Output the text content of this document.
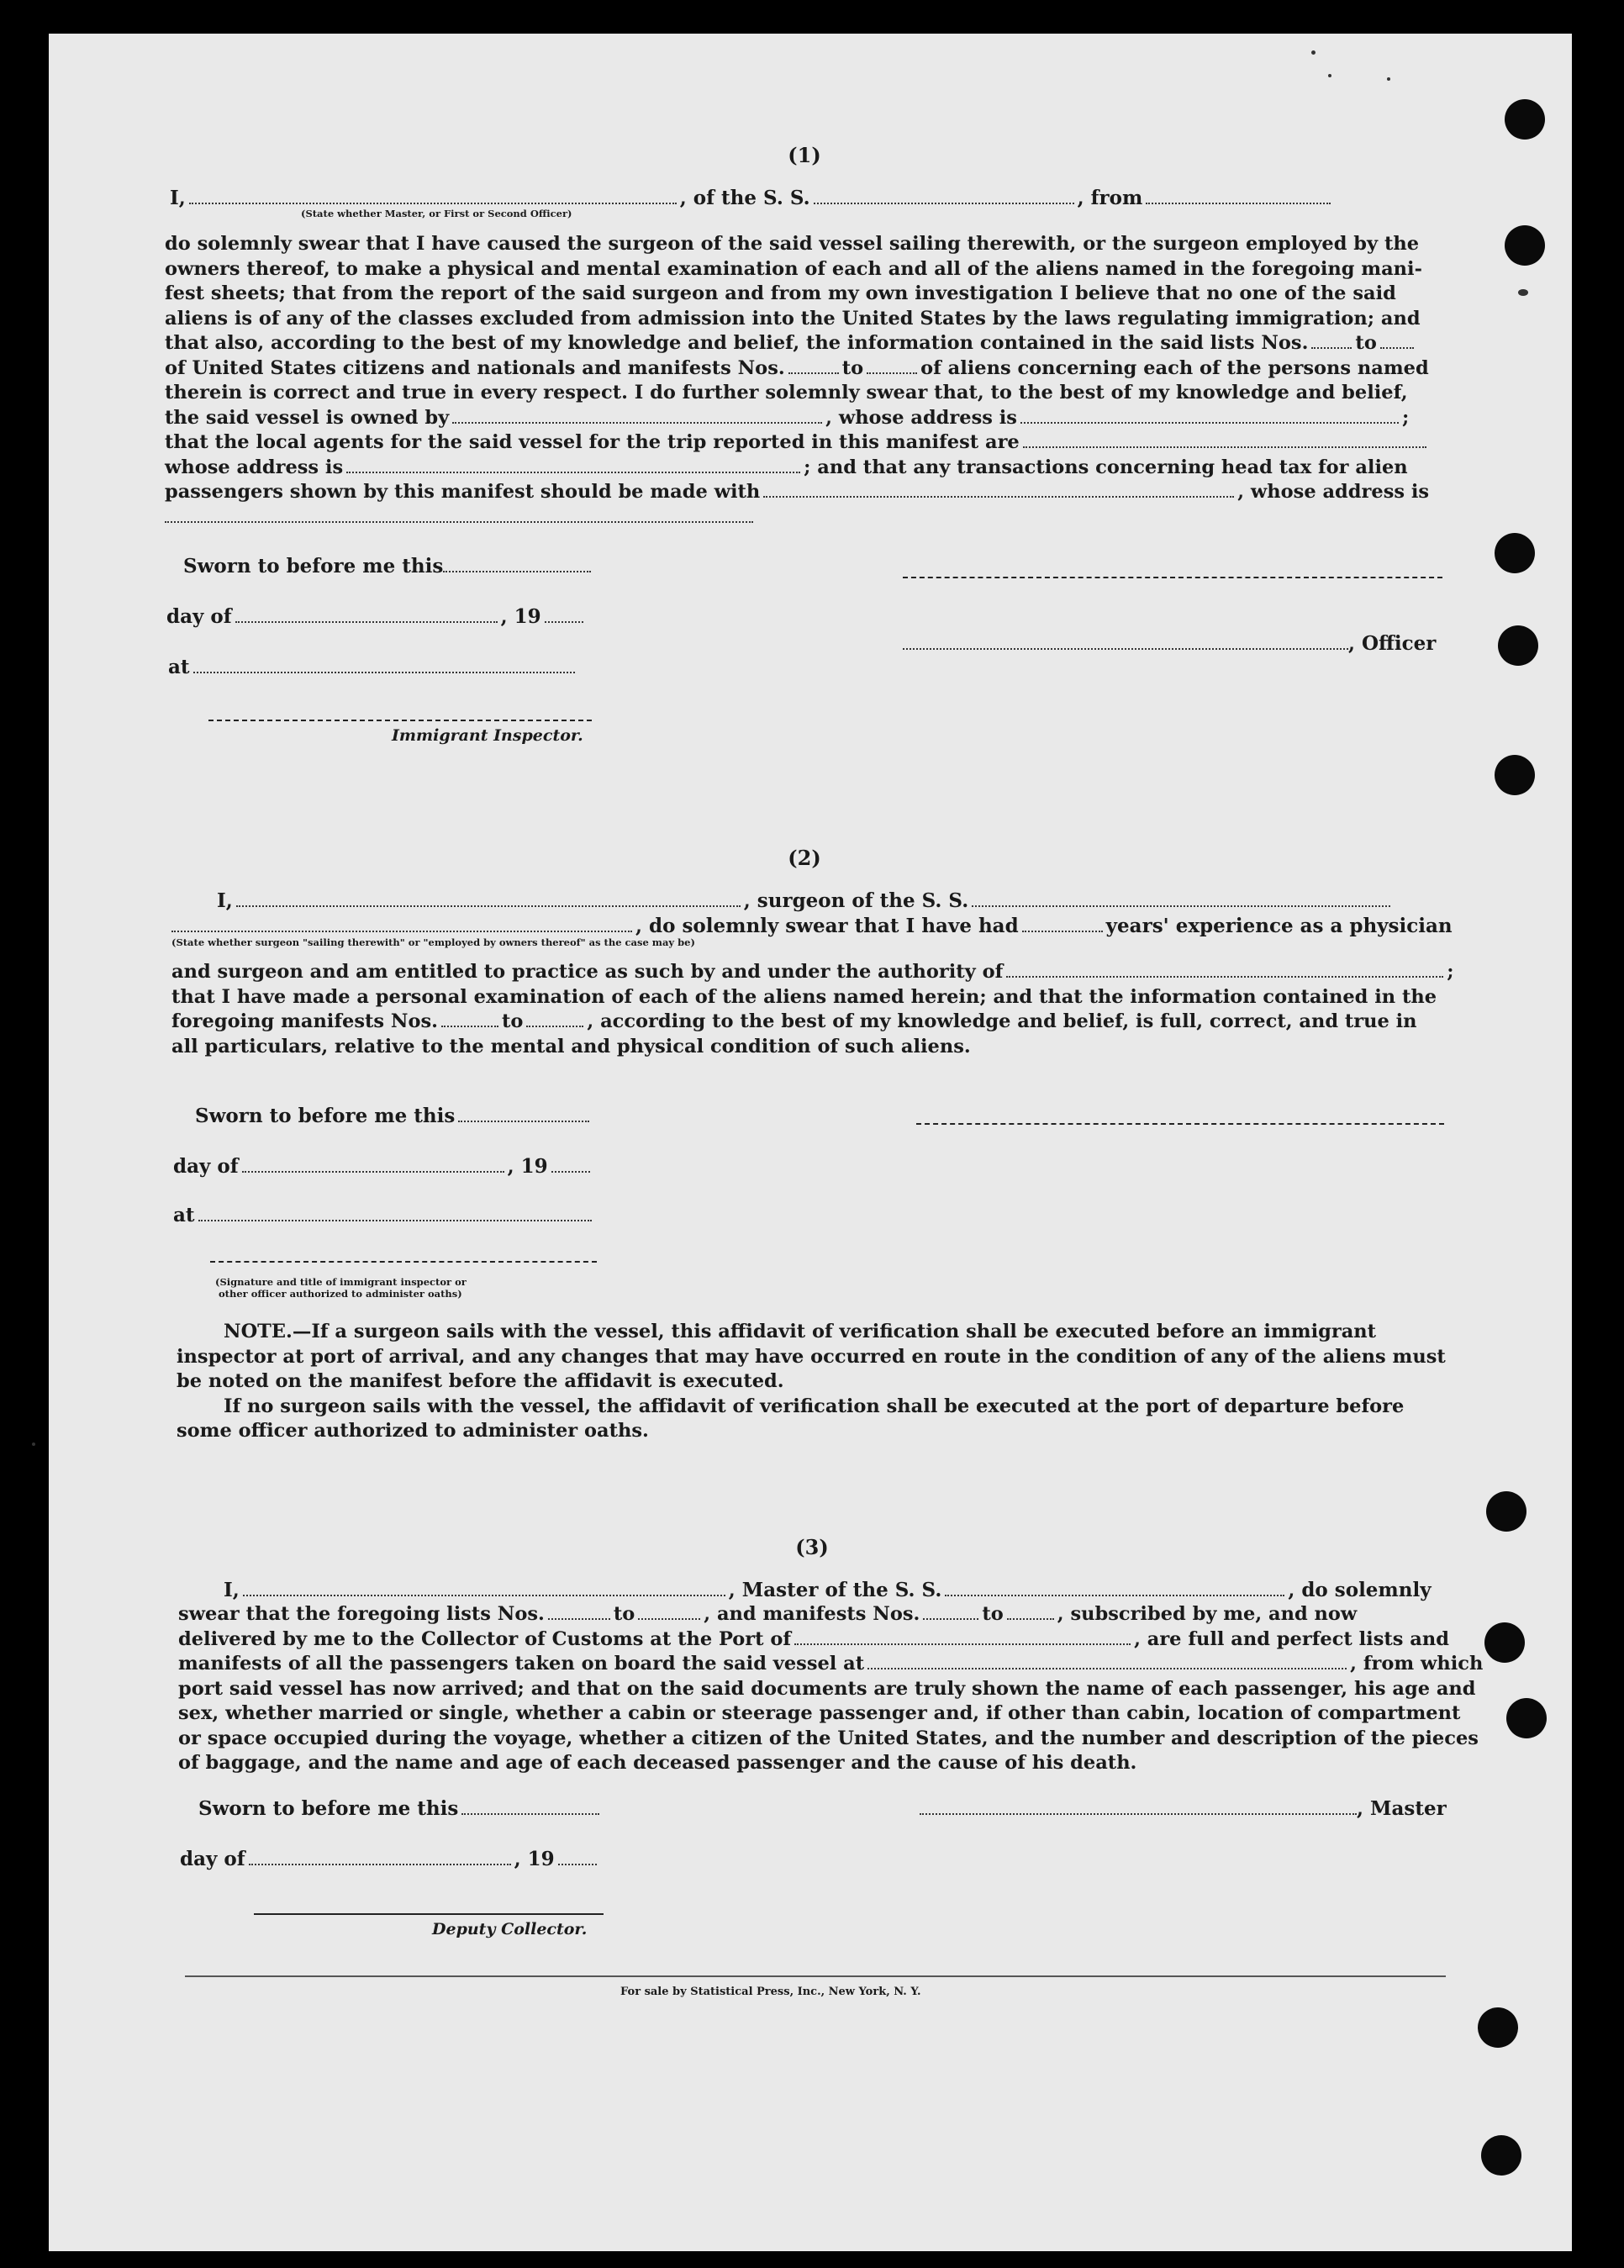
(1)
I,	, of the S. S.	, from
(State whether Master, or First or Second Officer)
do solemnly swear that I have caused the surgeon of the said vessel sailing therewith, or the surgeon employed by the
owners thereof, to make a physical and mental examination of each and all of the aliens named in the foregoing mani-
fest sheets; that from the report of the said surgeon and from my own investigation I believe that no one of the said
aliens is of any of the classes excluded from admission into the United States by the laws regulating immigration; and
that also, according to the best of my knowledge and belief, the information contained in the said lists Nos. to
of United States citizens and nationals and manifests Nos.	to	of aliens concerning each of the persons named
therein is correct and true in every respect. I do further solemnly swear that, to the best of my knowledge and belief,
the said vessel is owned by	, whose address is	;
that the local agents for the said vessel for the trip reported in this manifest are
whose address is	; and that any transactions concerning head tax for alien
passengers shown by this manifest should be made with	, whose address is
Sworn to before me this
day of	, 19
at
Immigrant Inspector.
, Officer
(2)
I,	, surgeon of the S. S.
, do solemnly swear that I have had	years' experience as a physician
(State whether surgeon "sailing therewith" or "employed by owners thereof" as the case may be)
and surgeon and am entitled to practice as such by and under the authority of
that I have made a personal examination of each of the aliens named herein; and that the information contained in the
foregoing manifests Nos.	to	, according to the best of my knowledge and belief, is full, correct, and true in
all particulars, relative to the mental and physical condition of such aliens.
Sworn to before me this
day of	, 19
at
(Signature and title of immigrant inspector or
other officer authorized to administer oaths)
NOTE.—If a surgeon sails with the vessel, this affidavit of verification shall be executed before an immigrant
inspector at port of arrival, and any changes that may have occurred en route in the condition of any of the aliens must
be noted on the manifest before the affidavit is executed.
If no surgeon sails with the vessel, the affidavit of verification shall be executed at the port of departure before
some officer authorized to administer oaths.
(3)
I,	, Master of the S. S.	, do solemnly
swear that the foregoing lists Nos.	to	, and manifests Nos.	to	, subscribed by me, and now
delivered by me to the Collector of Customs at the Port of	, are full and perfect lists and
manifests of all the passengers taken on board the said vessel at	, from which
port said vessel has now arrived; and that on the said documents are truly shown the name of each passenger, his age and
sex, whether married or single, whether a cabin or steerage passenger and, if other than cabin, location of compartment
or space occupied during the voyage, whether a citizen of the United States, and the number and description of the pieces
of baggage, and the name and age of each deceased passenger and the cause of his death.
Sworn to before me this
day of	, 19
Deputy Collector.
, Master
For sale by Statistical Press, Inc., New York, N. Y.
